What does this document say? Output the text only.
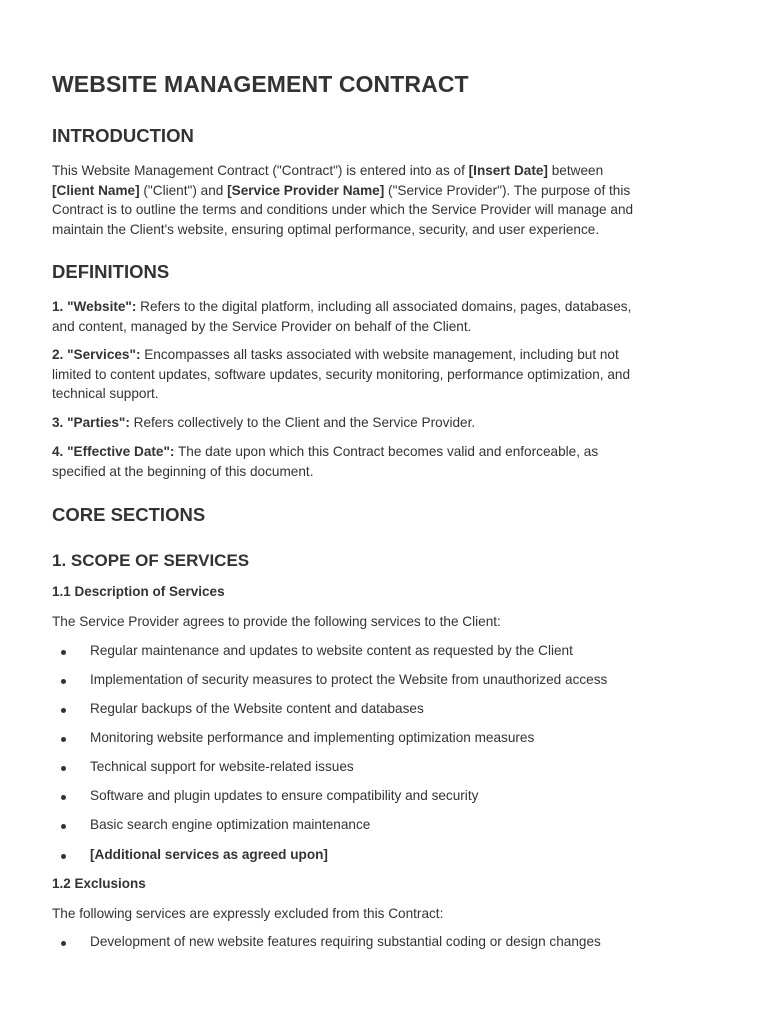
WEBSITE MANAGEMENT CONTRACT
INTRODUCTION
This Website Management Contract ("Contract") is entered into as of [Insert Date] between
[Client Name] ("Client") and [Service Provider Name] ("Service Provider"). The purpose of this
Contract is to outline the terms and conditions under which the Service Provider will manage and
maintain the Client's website, ensuring optimal performance, security, and user experience.
DEFINITIONS
1. "Website": Refers to the digital platform, including all associated domains, pages, databases,
and content, managed by the Service Provider on behalf of the Client.
2. "Services": Encompasses all tasks associated with website management, including but not
limited to content updates, software updates, security monitoring, performance optimization, and
technical support.
3. "Parties": Refers collectively to the Client and the Service Provider.
4. "Effective Date": The date upon which this Contract becomes valid and enforceable, as
specified at the beginning of this document.
CORE SECTIONS
1. SCOPE OF SERVICES
1.1 Description of Services
The Service Provider agrees to provide the following services to the Client:
Regular maintenance and updates to website content as requested by the Client
Implementation of security measures to protect the Website from unauthorized access
Regular backups of the Website content and databases
Monitoring website performance and implementing optimization measures
Technical support for website-related issues
Software and plugin updates to ensure compatibility and security
Basic search engine optimization maintenance
[Additional services as agreed upon]
1.2 Exclusions
The following services are expressly excluded from this Contract:
Development of new website features requiring substantial coding or design changes
